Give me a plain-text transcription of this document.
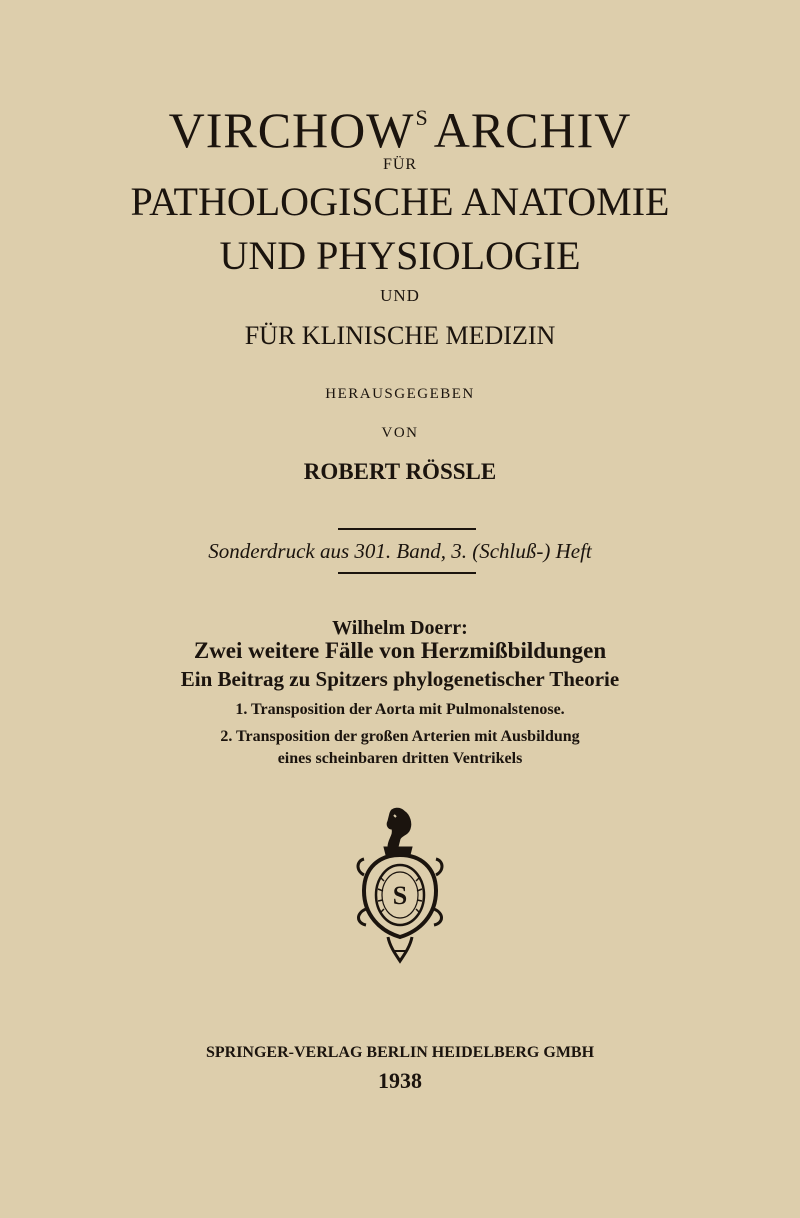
$VIRCHOW^S$ ARCHIV
FÜR
PATHOLOGISCHE ANATOMIE
UND PHYSIOLOGIE
UND
FÜR KLINISCHE MEDIZIN
HERAUSGEGEBEN
VON
ROBERT RÖSSLE
Sonderdruck aus 301. Band, 3. (Schluß-) Heft
Wilhelm Doerr:
Zwei weitere Fälle von Herzmißbildungen
Ein Beitrag zu Spitzers phylogenetischer Theorie
1. Transposition der Aorta mit Pulmonalstenose.
2. Transposition der großen Arterien mit Ausbildung
eines scheinbaren dritten Ventrikels
S
SPRINGER-VERLAG BERLIN HEIDELBERG GMBH
1938
